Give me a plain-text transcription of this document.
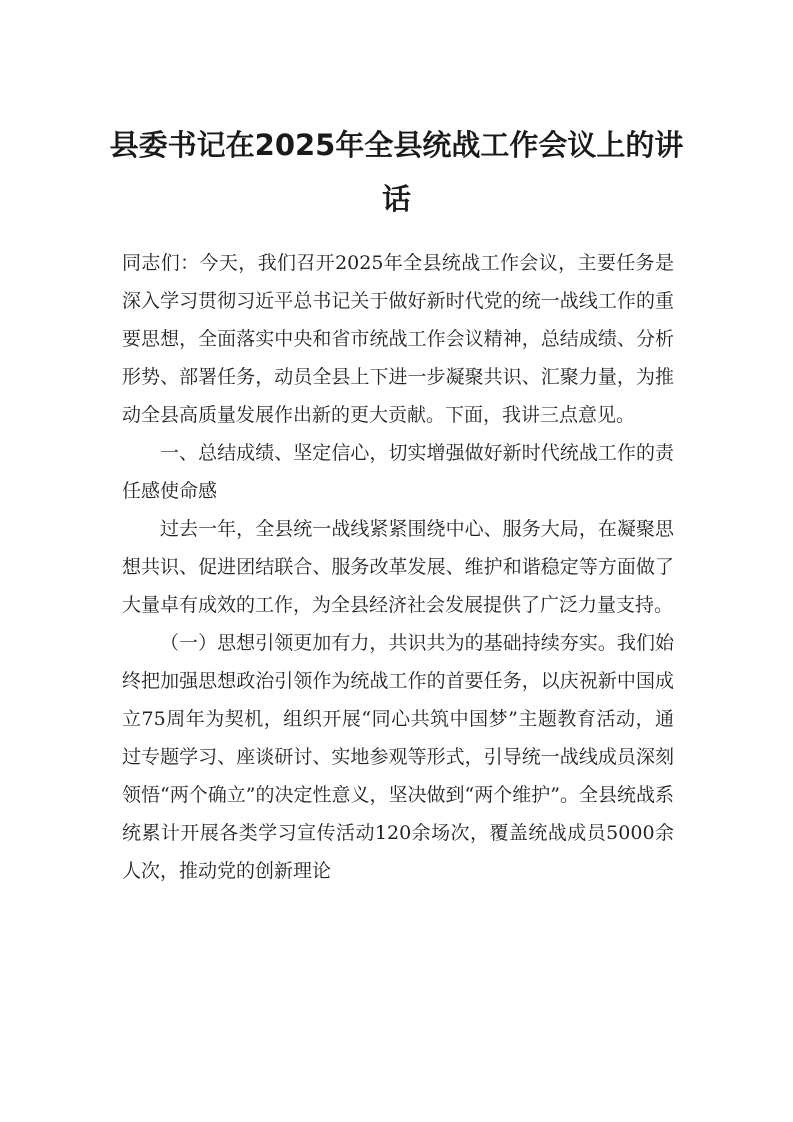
县委书记在2025年全县统战工作会议上的讲话

同志们：今天，我们召开2025年全县统战工作会议，主要任务是深入学习贯彻习近平总书记关于做好新时代党的统一战线工作的重要思想，全面落实中央和省市统战工作会议精神，总结成绩、分析形势、部署任务，动员全县上下进一步凝聚共识、汇聚力量，为推动全县高质量发展作出新的更大贡献。下面，我讲三点意见。

一、总结成绩、坚定信心，切实增强做好新时代统战工作的责任感使命感

过去一年，全县统一战线紧紧围绕中心、服务大局，在凝聚思想共识、促进团结联合、服务改革发展、维护和谐稳定等方面做了大量卓有成效的工作，为全县经济社会发展提供了广泛力量支持。

（一）思想引领更加有力，共识共为的基础持续夯实。我们始终把加强思想政治引领作为统战工作的首要任务，以庆祝新中国成立75周年为契机，组织开展“同心共筑中国梦”主题教育活动，通过专题学习、座谈研讨、实地参观等形式，引导统一战线成员深刻领悟“两个确立”的决定性意义，坚决做到“两个维护”。全县统战系统累计开展各类学习宣传活动120余场次，覆盖统战成员5000余人次，推动党的创新理论
